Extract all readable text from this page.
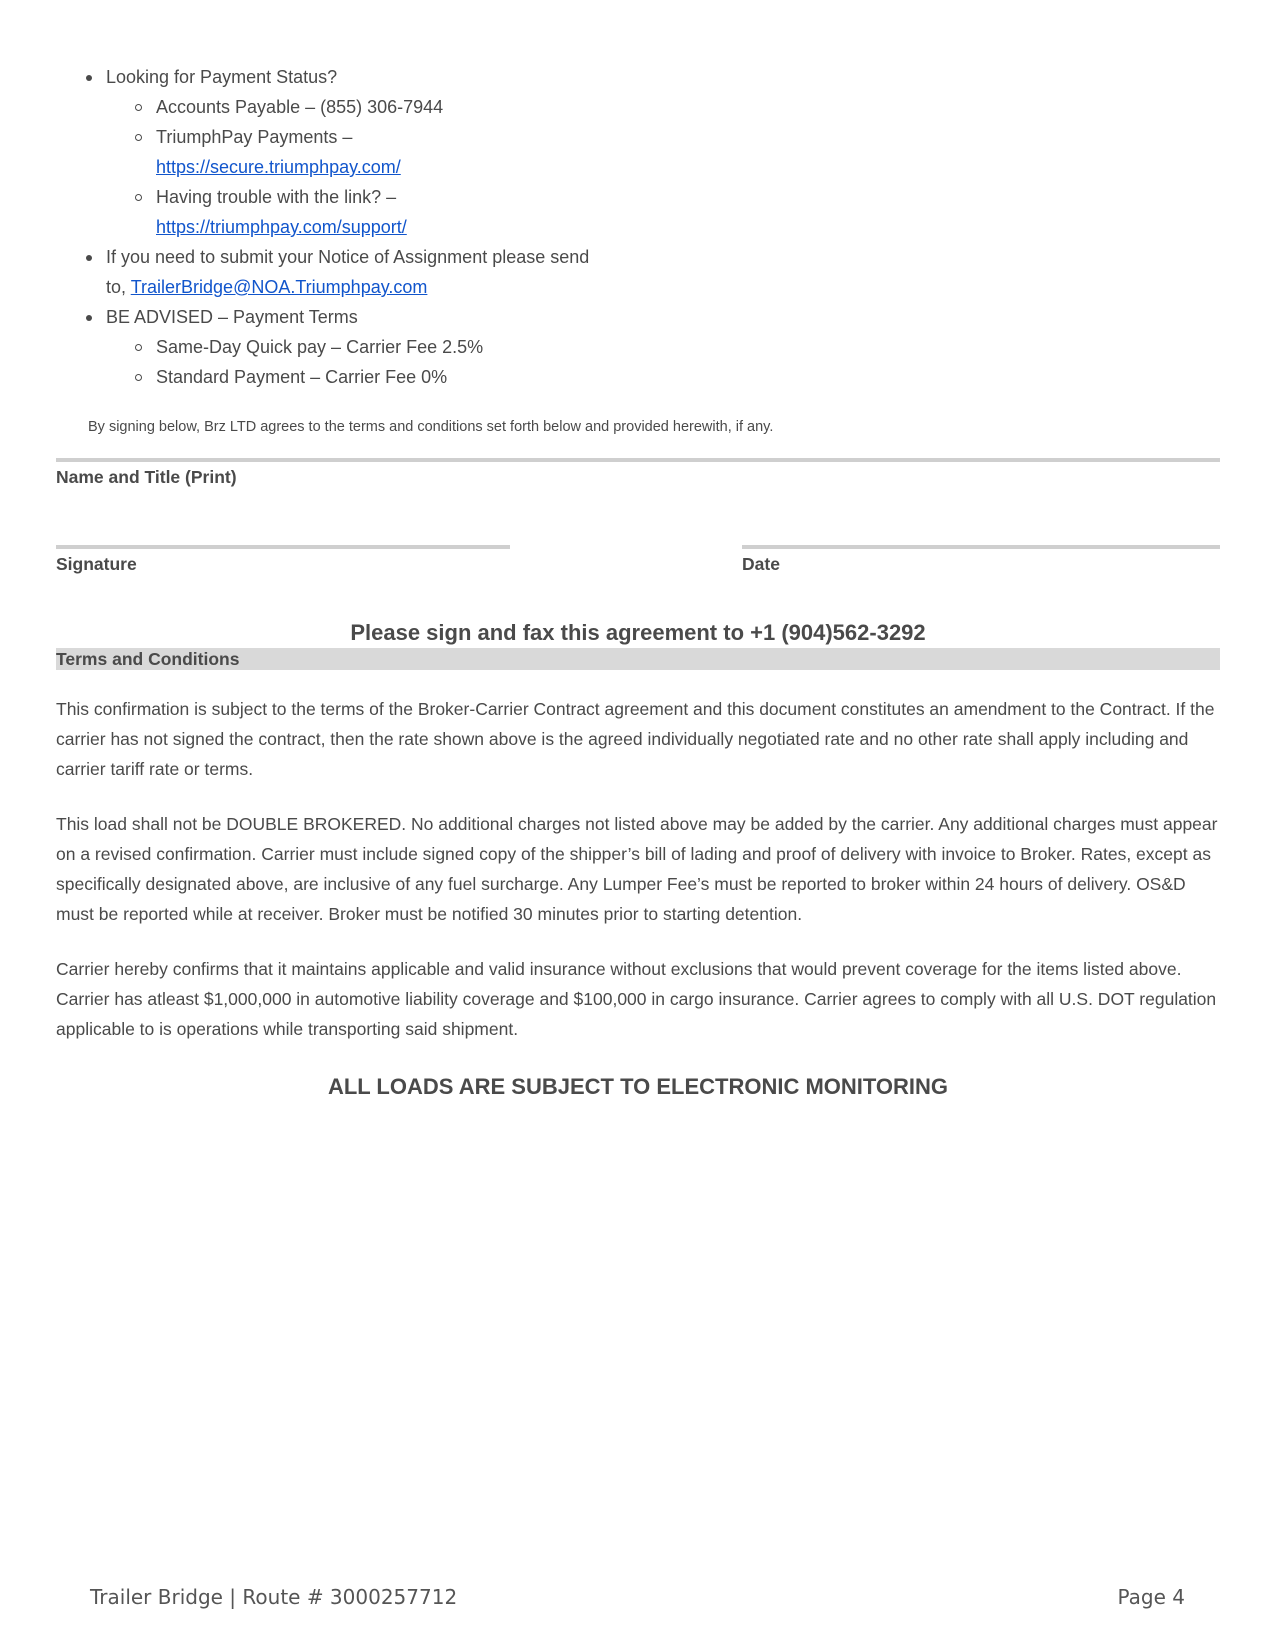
Looking for Payment Status?
Accounts Payable – (855) 306-7944
TriumphPay Payments –
https://secure.triumphpay.com/
Having trouble with the link? –
https://triumphpay.com/support/
If you need to submit your Notice of Assignment please send
to, TrailerBridge@NOA.Triumphpay.com
BE ADVISED – Payment Terms
Same-Day Quick pay – Carrier Fee 2.5%
Standard Payment – Carrier Fee 0%
By signing below, Brz LTD agrees to the terms and conditions set forth below and provided herewith, if any.
Name and Title (Print)
Signature	Date
Please sign and fax this agreement to +1 (904)562-3292
Terms and Conditions

This confirmation is subject to the terms of the Broker-Carrier Contract agreement and this document constitutes an amendment to the Contract. If the carrier has not signed the contract, then the rate shown above is the agreed individually negotiated rate and no other rate shall apply including and carrier tariff rate or terms.

This load shall not be DOUBLE BROKERED. No additional charges not listed above may be added by the carrier. Any additional charges must appear on a revised confirmation. Carrier must include signed copy of the shipper’s bill of lading and proof of delivery with invoice to Broker. Rates, except as specifically designated above, are inclusive of any fuel surcharge. Any Lumper Fee’s must be reported to broker within 24 hours of delivery. OS&D must be reported while at receiver. Broker must be notified 30 minutes prior to starting detention.

Carrier hereby confirms that it maintains applicable and valid insurance without exclusions that would prevent coverage for the items listed above. Carrier has atleast $1,000,000 in automotive liability coverage and $100,000 in cargo insurance. Carrier agrees to comply with all U.S. DOT regulation applicable to is operations while transporting said shipment.

ALL LOADS ARE SUBJECT TO ELECTRONIC MONITORING
Trailer Bridge | Route # 3000257712	Page 4
